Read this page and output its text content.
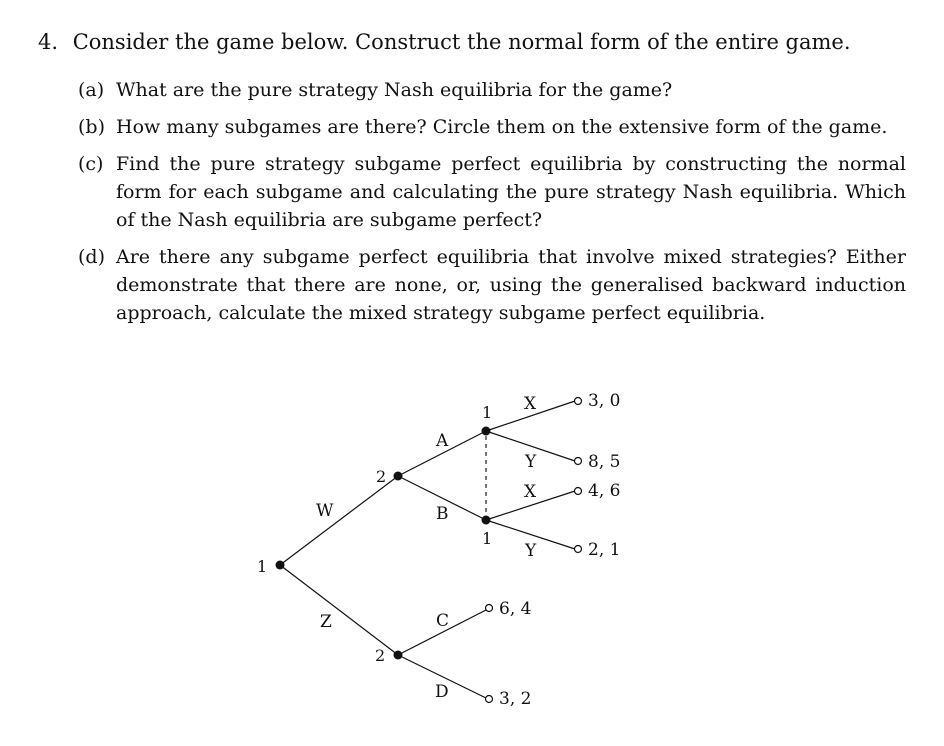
4. Consider the game below. Construct the normal form of the entire game.
(a) What are the pure strategy Nash equilibria for the game?
(b) How many subgames are there? Circle them on the extensive form of the game.
(c) Find the pure strategy subgame perfect equilibria by constructing the normal form for each subgame and calculating the pure strategy Nash equilibria. Which of the Nash equilibria are subgame perfect?
(d) Are there any subgame perfect equilibria that involve mixed strategies? Either demonstrate that there are none, or, using the generalised backward induction approach, calculate the mixed strategy subgame perfect equilibria.
1
2
2
1
1
W
Z
A
B
C
D
X
Y
X
Y
3, 0
8, 5
4, 6
2, 1
6, 4
3, 2
